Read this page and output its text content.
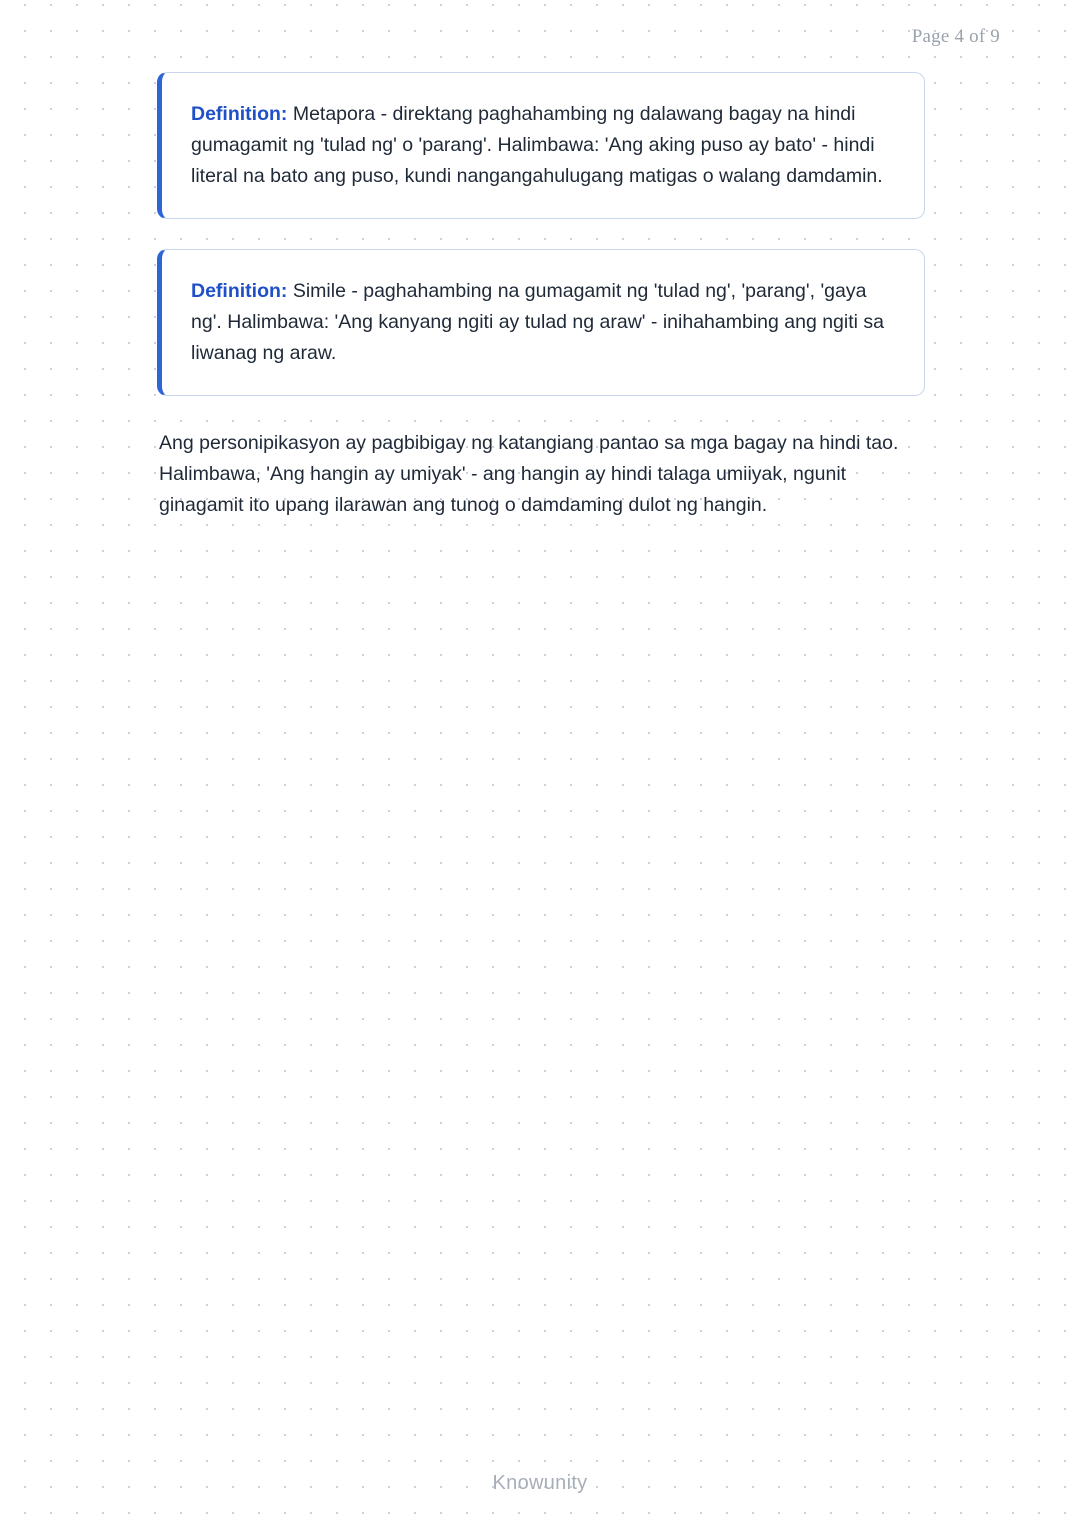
Page 4 of 9

Definition: Metapora - direktang paghahambing ng dalawang bagay na hindi gumagamit ng 'tulad ng' o 'parang'. Halimbawa: 'Ang aking puso ay bato' - hindi literal na bato ang puso, kundi nangangahulugang matigas o walang damdamin.

Definition: Simile - paghahambing na gumagamit ng 'tulad ng', 'parang', 'gaya ng'. Halimbawa: 'Ang kanyang ngiti ay tulad ng araw' - inihahambing ang ngiti sa liwanag ng araw.

Ang personipikasyon ay pagbibigay ng katangiang pantao sa mga bagay na hindi tao. Halimbawa, 'Ang hangin ay umiyak' - ang hangin ay hindi talaga umiiyak, ngunit ginagamit ito upang ilarawan ang tunog o damdaming dulot ng hangin.

Knowunity
